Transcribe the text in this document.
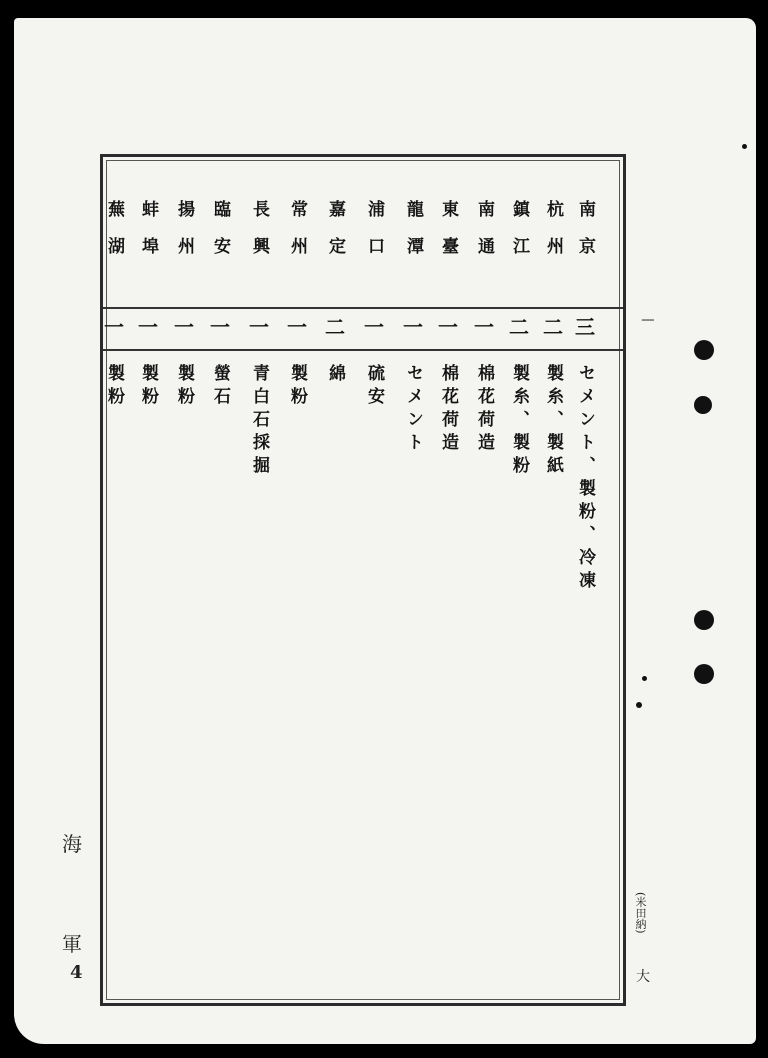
南京
三
セメント、製粉、冷凍
杭州
二
製糸、製紙
鎮江
二
製糸、製粉
南通
一
棉花荷造
東臺
一
棉花荷造
龍潭
一
セメント
浦口
一
硫安
嘉定
二
綿
常州
一
製粉
長興
一
青白石採掘
臨安
一
螢石
揚州
一
製粉
蚌埠
一
製粉
蕪湖
一
製粉
海
軍
4
|
(米田納)
大
